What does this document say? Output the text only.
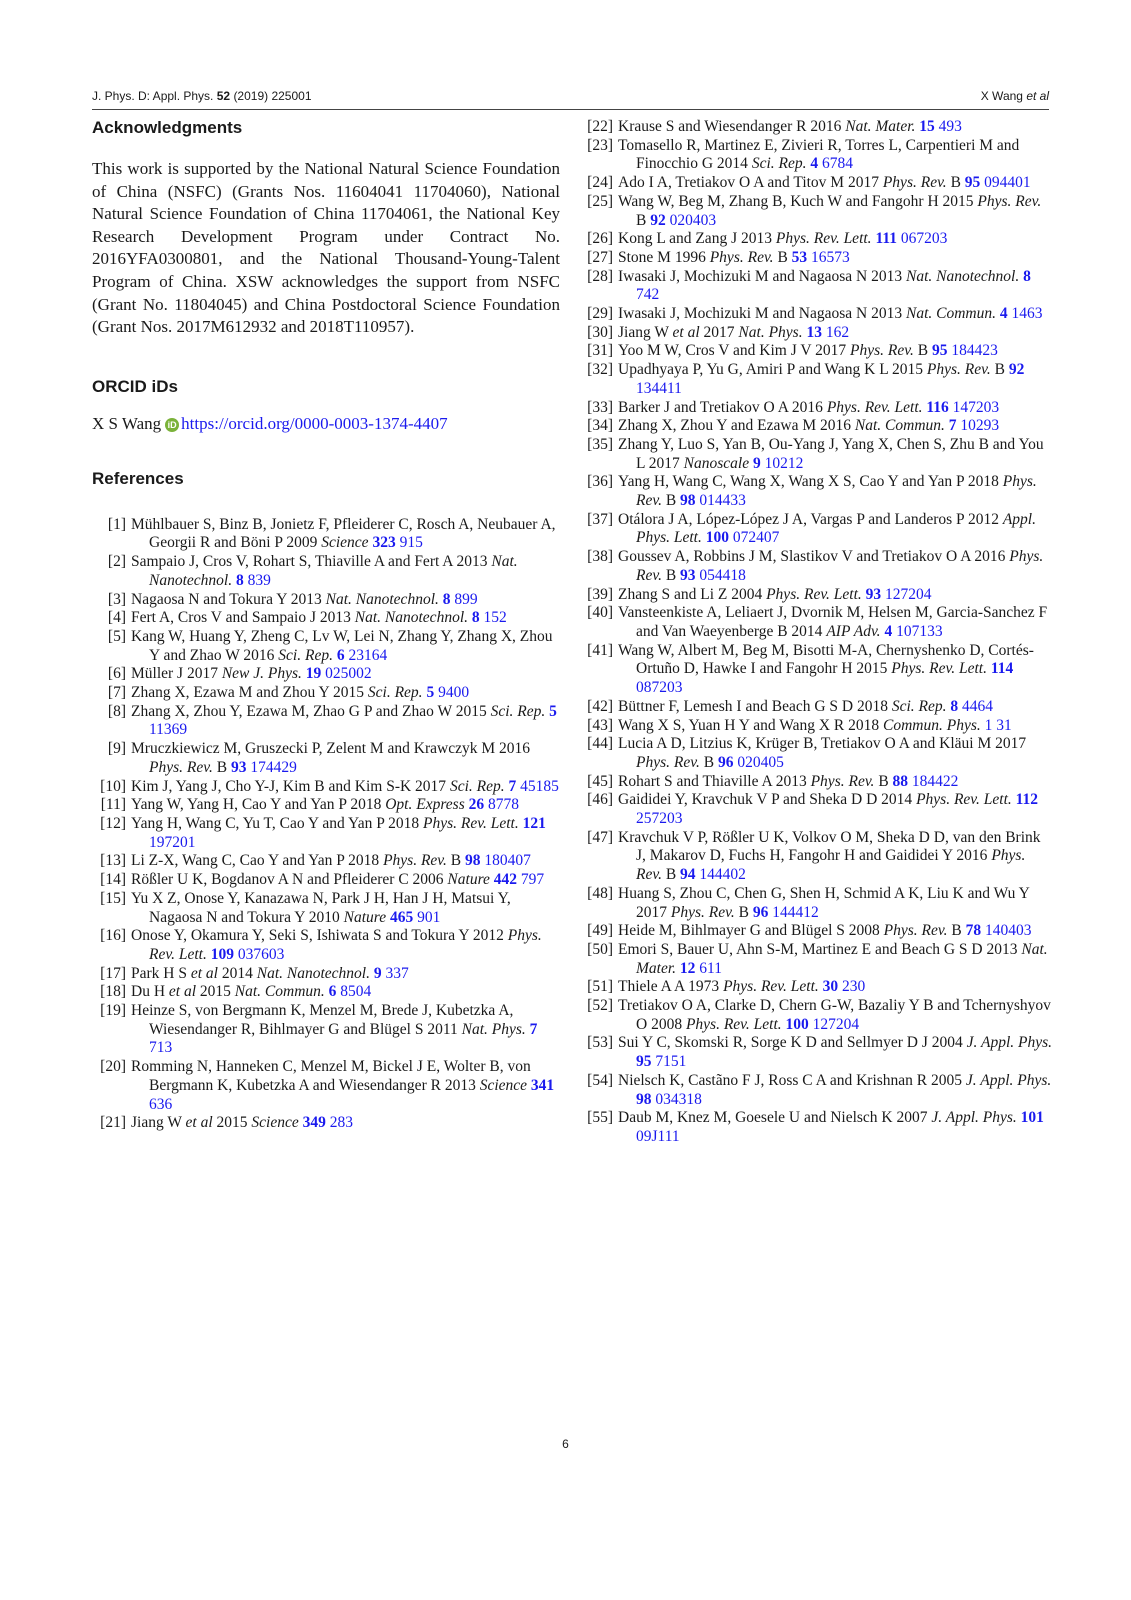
J. Phys. D: Appl. Phys. 52 (2019) 225001	X Wang et al
Acknowledgments

This work is supported by the National Natural Science Foundation of China (NSFC) (Grants Nos. 11604041 11704060), National Natural Science Foundation of China 11704061, the National Key Research Development Program under Contract No. 2016YFA0300801, and the National Thousand-Young-Talent Program of China. XSW acknowledges the support from NSFC (Grant No. 11804045) and China Postdoctoral Science Foundation (Grant Nos. 2017M612932 and 2018T110957).

ORCID iDs
X S Wang iD https://orcid.org/0000-0003-1374-4407
References
[1] Mühlbauer S, Binz B, Jonietz F, Pfleiderer C, Rosch A, Neubauer A, Georgii R and Böni P 2009 Science 323 915
[2] Sampaio J, Cros V, Rohart S, Thiaville A and Fert A 2013 Nat. Nanotechnol. 8 839
[3] Nagaosa N and Tokura Y 2013 Nat. Nanotechnol. 8 899
[4] Fert A, Cros V and Sampaio J 2013 Nat. Nanotechnol. 8 152
[5] Kang W, Huang Y, Zheng C, Lv W, Lei N, Zhang Y, Zhang X, Zhou Y and Zhao W 2016 Sci. Rep. 6 23164
[6] Müller J 2017 New J. Phys. 19 025002
[7] Zhang X, Ezawa M and Zhou Y 2015 Sci. Rep. 5 9400
[8] Zhang X, Zhou Y, Ezawa M, Zhao G P and Zhao W 2015 Sci. Rep. 5 11369
[9] Mruczkiewicz M, Gruszecki P, Zelent M and Krawczyk M 2016 Phys. Rev. B 93 174429
[10] Kim J, Yang J, Cho Y-J, Kim B and Kim S-K 2017 Sci. Rep. 7 45185
[11] Yang W, Yang H, Cao Y and Yan P 2018 Opt. Express 26 8778
[12] Yang H, Wang C, Yu T, Cao Y and Yan P 2018 Phys. Rev. Lett. 121 197201
[13] Li Z-X, Wang C, Cao Y and Yan P 2018 Phys. Rev. B 98 180407
[14] Rößler U K, Bogdanov A N and Pfleiderer C 2006 Nature 442 797
[15] Yu X Z, Onose Y, Kanazawa N, Park J H, Han J H, Matsui Y, Nagaosa N and Tokura Y 2010 Nature 465 901
[16] Onose Y, Okamura Y, Seki S, Ishiwata S and Tokura Y 2012 Phys. Rev. Lett. 109 037603
[17] Park H S et al 2014 Nat. Nanotechnol. 9 337
[18] Du H et al 2015 Nat. Commun. 6 8504
[19] Heinze S, von Bergmann K, Menzel M, Brede J, Kubetzka A, Wiesendanger R, Bihlmayer G and Blügel S 2011 Nat. Phys. 7 713
[20] Romming N, Hanneken C, Menzel M, Bickel J E, Wolter B, von Bergmann K, Kubetzka A and Wiesendanger R 2013 Science 341 636
[21] Jiang W et al 2015 Science 349 283
[22] Krause S and Wiesendanger R 2016 Nat. Mater. 15 493
[23] Tomasello R, Martinez E, Zivieri R, Torres L, Carpentieri M and Finocchio G 2014 Sci. Rep. 4 6784
[24] Ado I A, Tretiakov O A and Titov M 2017 Phys. Rev. B 95 094401
[25] Wang W, Beg M, Zhang B, Kuch W and Fangohr H 2015 Phys. Rev. B 92 020403
[26] Kong L and Zang J 2013 Phys. Rev. Lett. 111 067203
[27] Stone M 1996 Phys. Rev. B 53 16573
[28] Iwasaki J, Mochizuki M and Nagaosa N 2013 Nat. Nanotechnol. 8 742
[29] Iwasaki J, Mochizuki M and Nagaosa N 2013 Nat. Commun. 4 1463
[30] Jiang W et al 2017 Nat. Phys. 13 162
[31] Yoo M W, Cros V and Kim J V 2017 Phys. Rev. B 95 184423
[32] Upadhyaya P, Yu G, Amiri P and Wang K L 2015 Phys. Rev. B 92 134411
[33] Barker J and Tretiakov O A 2016 Phys. Rev. Lett. 116 147203
[34] Zhang X, Zhou Y and Ezawa M 2016 Nat. Commun. 7 10293
[35] Zhang Y, Luo S, Yan B, Ou-Yang J, Yang X, Chen S, Zhu B and You L 2017 Nanoscale 9 10212
[36] Yang H, Wang C, Wang X, Wang X S, Cao Y and Yan P 2018 Phys. Rev. B 98 014433
[37] Otálora J A, López-López J A, Vargas P and Landeros P 2012 Appl. Phys. Lett. 100 072407
[38] Goussev A, Robbins J M, Slastikov V and Tretiakov O A 2016 Phys. Rev. B 93 054418
[39] Zhang S and Li Z 2004 Phys. Rev. Lett. 93 127204
[40] Vansteenkiste A, Leliaert J, Dvornik M, Helsen M, Garcia-Sanchez F and Van Waeyenberge B 2014 AIP Adv. 4 107133
[41] Wang W, Albert M, Beg M, Bisotti M-A, Chernyshenko D, Cortés-Ortuño D, Hawke I and Fangohr H 2015 Phys. Rev. Lett. 114 087203
[42] Büttner F, Lemesh I and Beach G S D 2018 Sci. Rep. 8 4464
[43] Wang X S, Yuan H Y and Wang X R 2018 Commun. Phys. 1 31
[44] Lucia A D, Litzius K, Krüger B, Tretiakov O A and Kläui M 2017 Phys. Rev. B 96 020405
[45] Rohart S and Thiaville A 2013 Phys. Rev. B 88 184422
[46] Gaididei Y, Kravchuk V P and Sheka D D 2014 Phys. Rev. Lett. 112 257203
[47] Kravchuk V P, Rößler U K, Volkov O M, Sheka D D, van den Brink J, Makarov D, Fuchs H, Fangohr H and Gaididei Y 2016 Phys. Rev. B 94 144402
[48] Huang S, Zhou C, Chen G, Shen H, Schmid A K, Liu K and Wu Y 2017 Phys. Rev. B 96 144412
[49] Heide M, Bihlmayer G and Blügel S 2008 Phys. Rev. B 78 140403
[50] Emori S, Bauer U, Ahn S-M, Martinez E and Beach G S D 2013 Nat. Mater. 12 611
[51] Thiele A A 1973 Phys. Rev. Lett. 30 230
[52] Tretiakov O A, Clarke D, Chern G-W, Bazaliy Y B and Tchernyshyov O 2008 Phys. Rev. Lett. 100 127204
[53] Sui Y C, Skomski R, Sorge K D and Sellmyer D J 2004 J. Appl. Phys. 95 7151
[54] Nielsch K, Castãno F J, Ross C A and Krishnan R 2005 J. Appl. Phys. 98 034318
[55] Daub M, Knez M, Goesele U and Nielsch K 2007 J. Appl. Phys. 101 09J111
6
